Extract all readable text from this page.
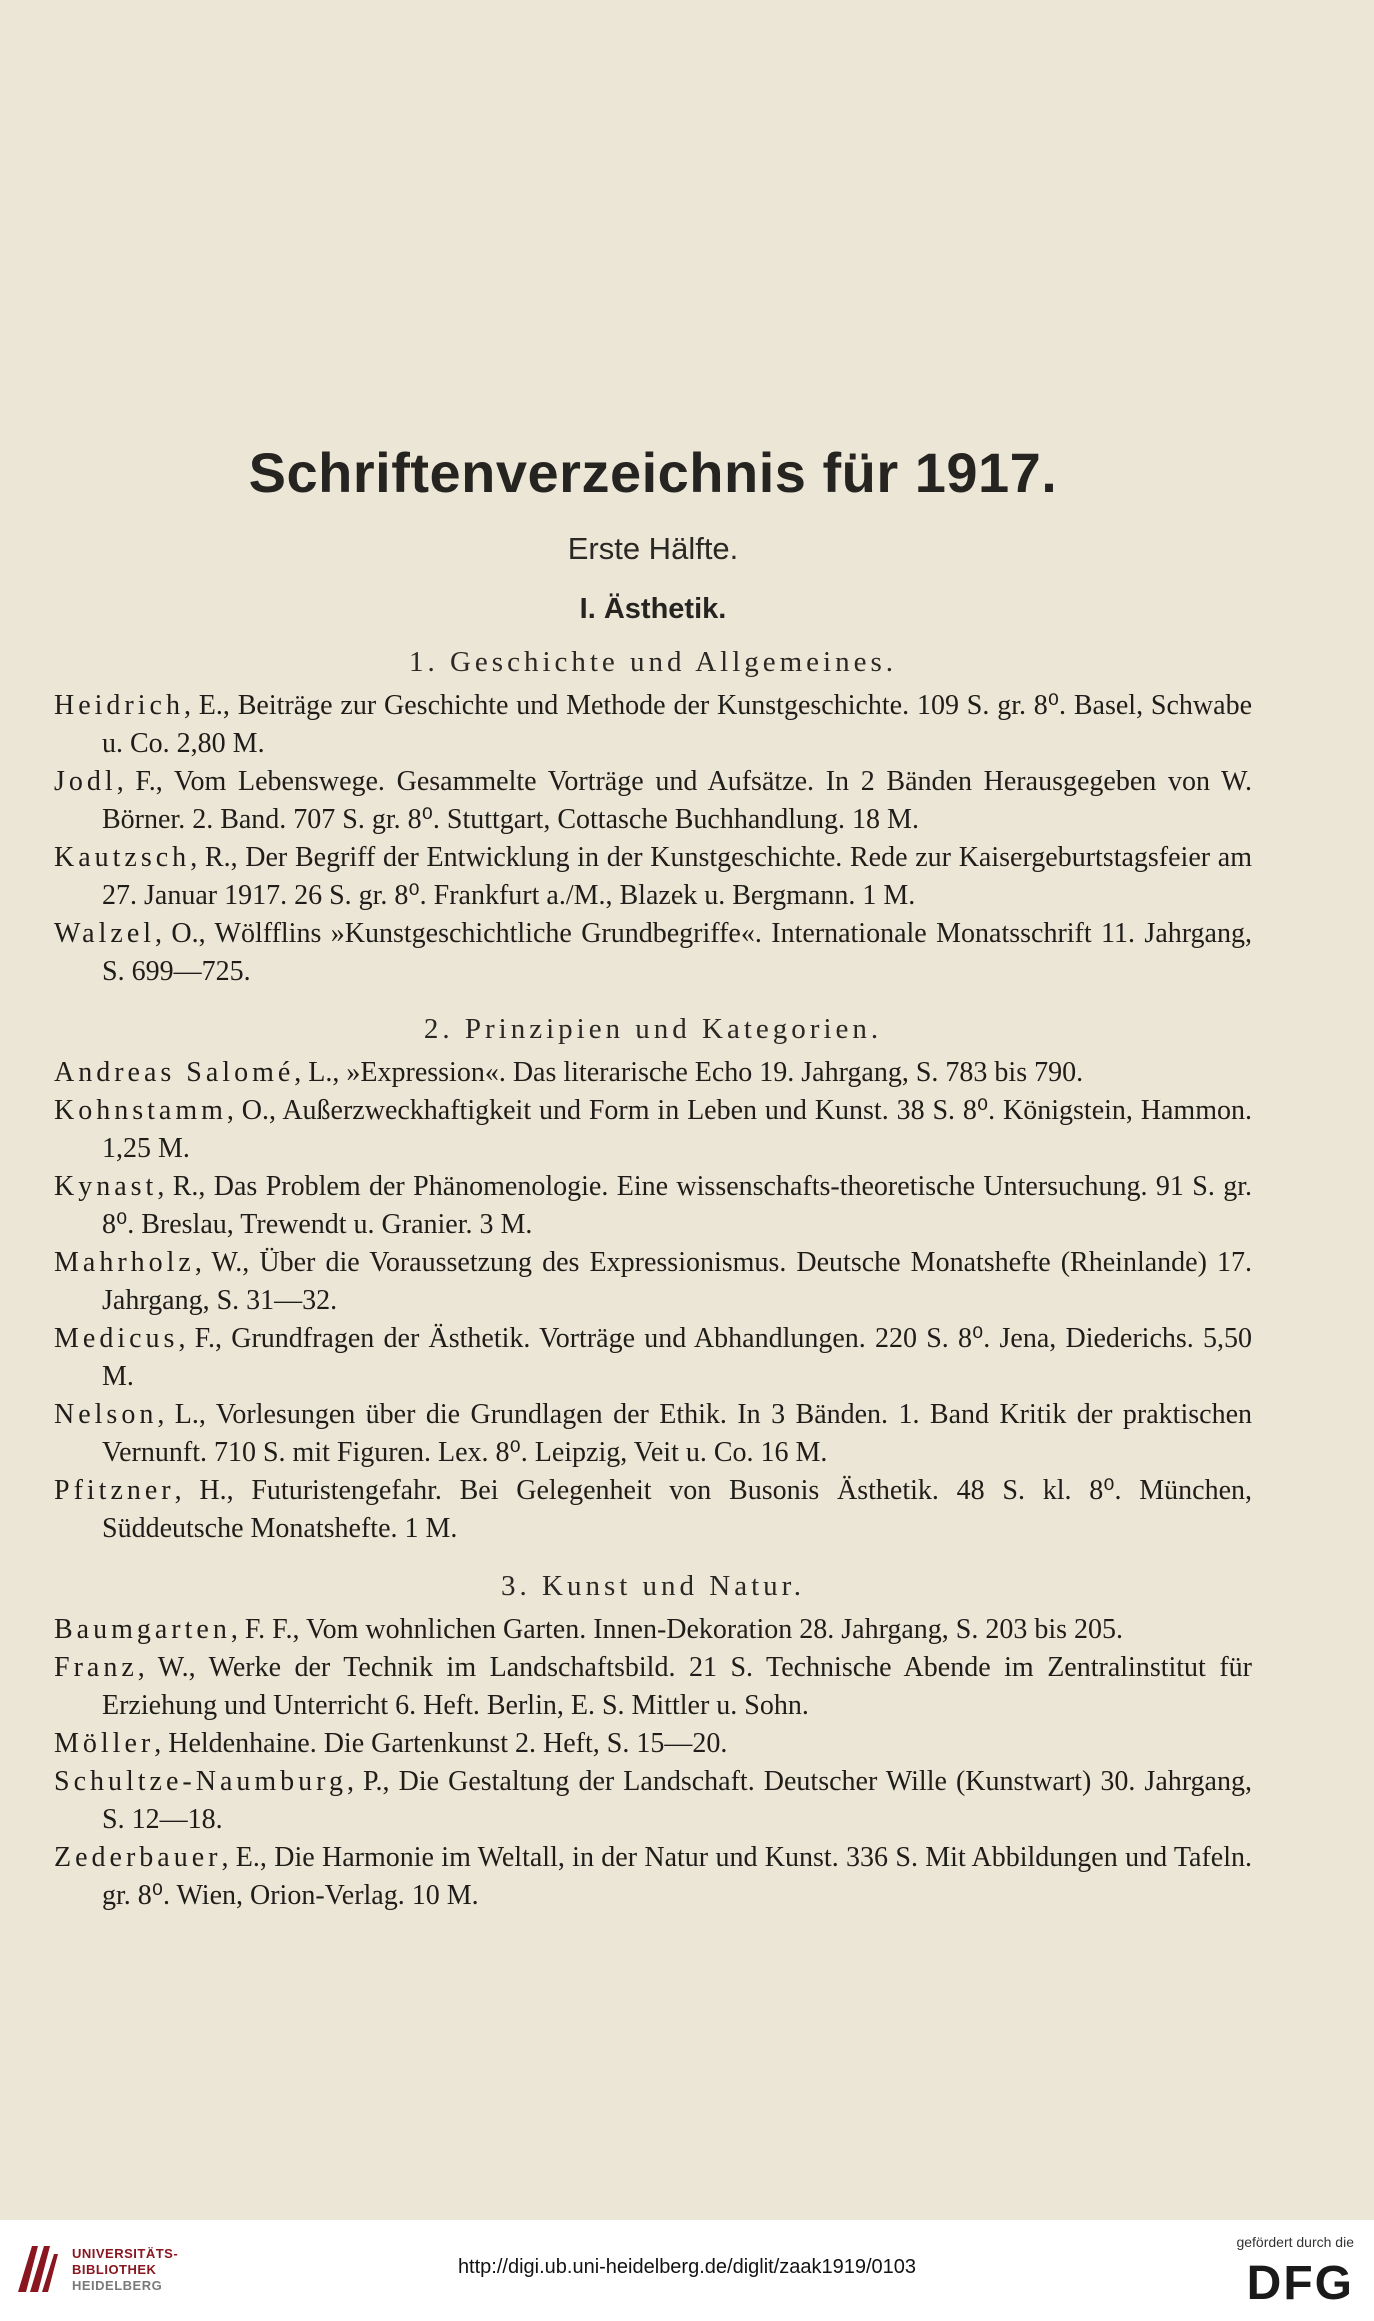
Schriftenverzeichnis für 1917.
Erste Hälfte.
I. Ästhetik.
1. Geschichte und Allgemeines.

Heidrich, E., Beiträge zur Geschichte und Methode der Kunstgeschichte. 109 S. gr. 8⁰. Basel, Schwabe u. Co. 2,80 M.

Jodl, F., Vom Lebenswege. Gesammelte Vorträge und Aufsätze. In 2 Bänden Herausgegeben von W. Börner. 2. Band. 707 S. gr. 8⁰. Stuttgart, Cottasche Buchhandlung. 18 M.

Kautzsch, R., Der Begriff der Entwicklung in der Kunstgeschichte. Rede zur Kaisergeburtstagsfeier am 27. Januar 1917. 26 S. gr. 8⁰. Frankfurt a./M., Blazek u. Bergmann. 1 M.

Walzel, O., Wölfflins »Kunstgeschichtliche Grundbegriffe«. Internationale Monatsschrift 11. Jahrgang, S. 699—725.

2. Prinzipien und Kategorien.

Andreas Salomé, L., »Expression«. Das literarische Echo 19. Jahrgang, S. 783 bis 790.

Kohnstamm, O., Außerzweckhaftigkeit und Form in Leben und Kunst. 38 S. 8⁰. Königstein, Hammon. 1,25 M.

Kynast, R., Das Problem der Phänomenologie. Eine wissenschafts-theoretische Untersuchung. 91 S. gr. 8⁰. Breslau, Trewendt u. Granier. 3 M.

Mahrholz, W., Über die Voraussetzung des Expressionismus. Deutsche Monatshefte (Rheinlande) 17. Jahrgang, S. 31—32.

Medicus, F., Grundfragen der Ästhetik. Vorträge und Abhandlungen. 220 S. 8⁰. Jena, Diederichs. 5,50 M.

Nelson, L., Vorlesungen über die Grundlagen der Ethik. In 3 Bänden. 1. Band Kritik der praktischen Vernunft. 710 S. mit Figuren. Lex. 8⁰. Leipzig, Veit u. Co. 16 M.

Pfitzner, H., Futuristengefahr. Bei Gelegenheit von Busonis Ästhetik. 48 S. kl. 8⁰. München, Süddeutsche Monatshefte. 1 M.

3. Kunst und Natur.

Baumgarten, F. F., Vom wohnlichen Garten. Innen-Dekoration 28. Jahrgang, S. 203 bis 205.

Franz, W., Werke der Technik im Landschaftsbild. 21 S. Technische Abende im Zentralinstitut für Erziehung und Unterricht 6. Heft. Berlin, E. S. Mittler u. Sohn.

Möller, Heldenhaine. Die Gartenkunst 2. Heft, S. 15—20.

Schultze-Naumburg, P., Die Gestaltung der Landschaft. Deutscher Wille (Kunstwart) 30. Jahrgang, S. 12—18.

Zederbauer, E., Die Harmonie im Weltall, in der Natur und Kunst. 336 S. Mit Abbildungen und Tafeln. gr. 8⁰. Wien, Orion-Verlag. 10 M.

UNIVERSITÄTS-
BIBLIOTHEK
HEIDELBERG
http://digi.ub.uni-heidelberg.de/diglit/zaak1919/0103
gefördert durch die
DFG
